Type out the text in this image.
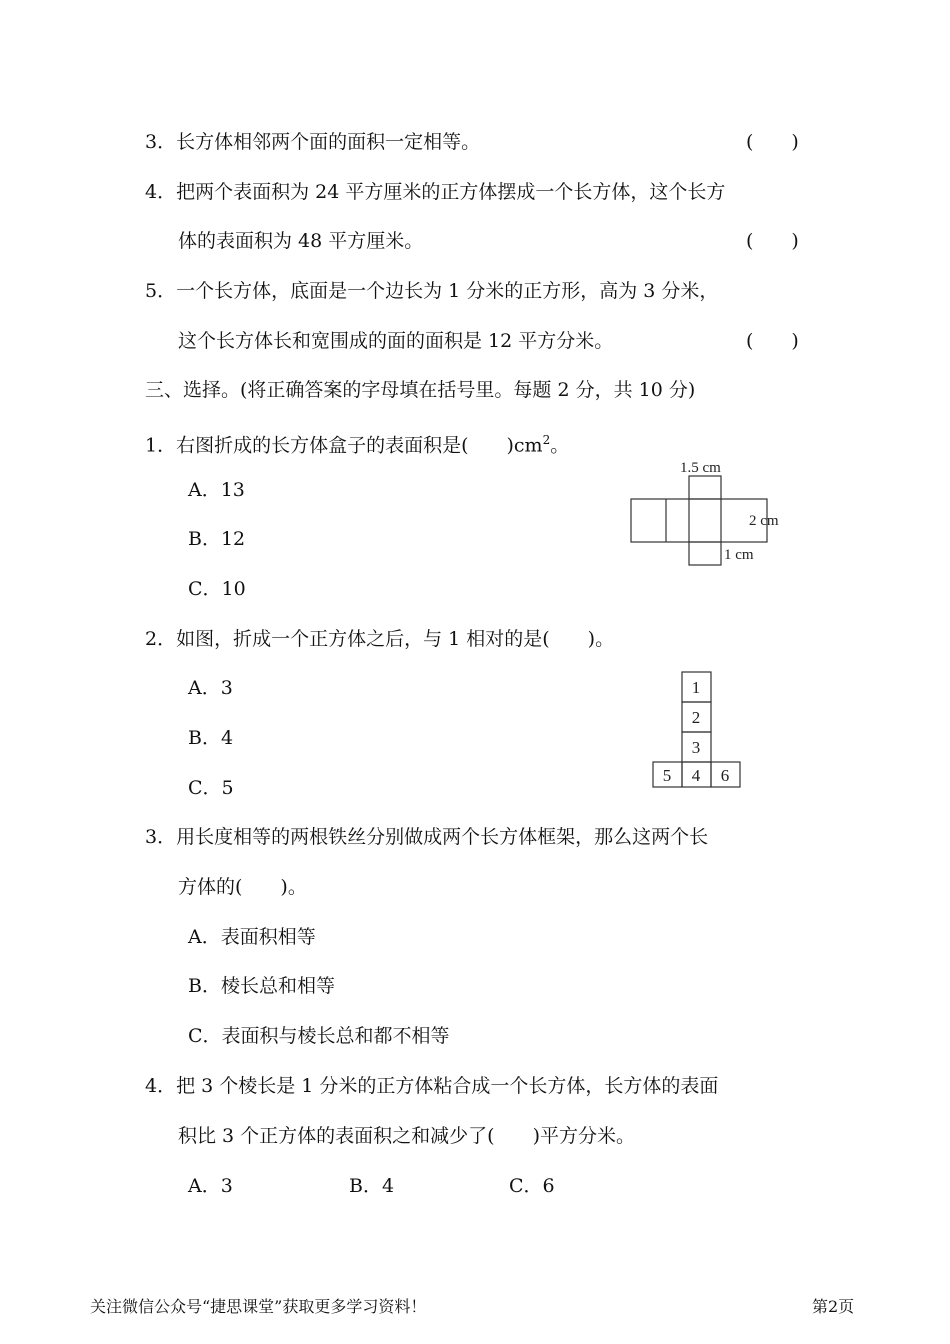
3．长方体相邻两个面的面积一定相等。	(　　)
4．把两个表面积为 24 平方厘米的正方体摆成一个长方体，这个长方
体的表面积为 48 平方厘米。	(　　)
5．一个长方体，底面是一个边长为 1 分米的正方形，高为 3 分米，
这个长方体长和宽围成的面的面积是 12 平方分米。	(　　)
三、选择。(将正确答案的字母填在括号里。每题 2 分，共 10 分)
1．右图折成的长方体盒子的表面积是(　　)$cm^2$。
A．13
B．12
C．10
1.5 cm
2 cm
1 cm
2．如图，折成一个正方体之后，与 1 相对的是(　　)。
A．3
B．4
C．5
1
2
3
5 4 6
3．用长度相等的两根铁丝分别做成两个长方体框架，那么这两个长
方体的(　　)。
A．表面积相等
B．棱长总和相等
C．表面积与棱长总和都不相等
4．把 3 个棱长是 1 分米的正方体粘合成一个长方体，长方体的表面
积比 3 个正方体的表面积之和减少了(　　)平方分米。
A．3	B．4	C．6
关注微信公众号“捷思课堂”获取更多学习资料！	第2页
